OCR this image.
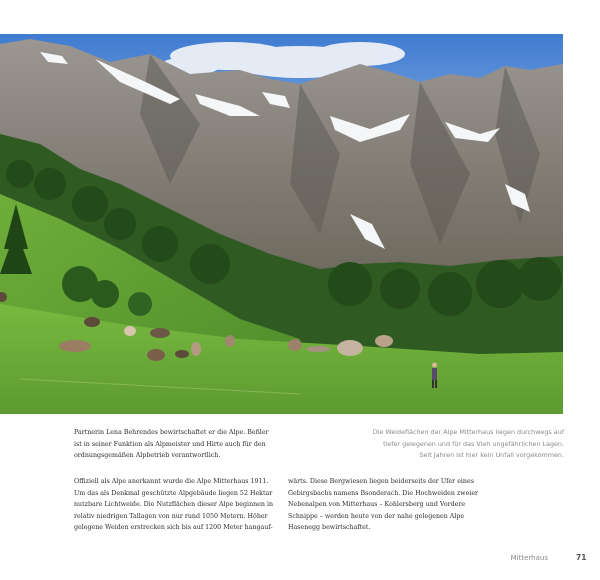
Die Weideflächen der Alpe Mitterhaus liegen durchwegs auf tiefer gelegenen und für das Vieh ungefährlichen Lagen. Seit Jahren ist hier kein Unfall vorgekommen.

Partnerin Lena Behrendes bewirtschaftet er die Alpe. Beßler ist in seiner Funktion als Alpmeister und Hirte auch für den ordnungsgemäßen Alpbetrieb verantwortlich.

Offiziell als Alpe anerkannt wurde die Alpe Mitterhaus 1911. Um das als Denkmal geschützte Alpgebäude liegen 52 Hektar nutzbare Lichtweide. Die Nutzflächen dieser Alpe beginnen in relativ niedrigen Tallagen von nur rund 1050 Metern. Höher gelegene Weiden erstrecken sich bis auf 1200 Meter hangauf-

wärts. Diese Bergwiesen liegen beiderseits der Ufer eines Gebirgsbachs namens Bsonderach. Die Hochweiden zweier Nebenalpen von Mitterhaus – Kohlersberg und Vordere Schnippe – werden heute von der nahe gelegenen Alpe Hasenegg bewirtschaftet.

Mitterhaus	71
